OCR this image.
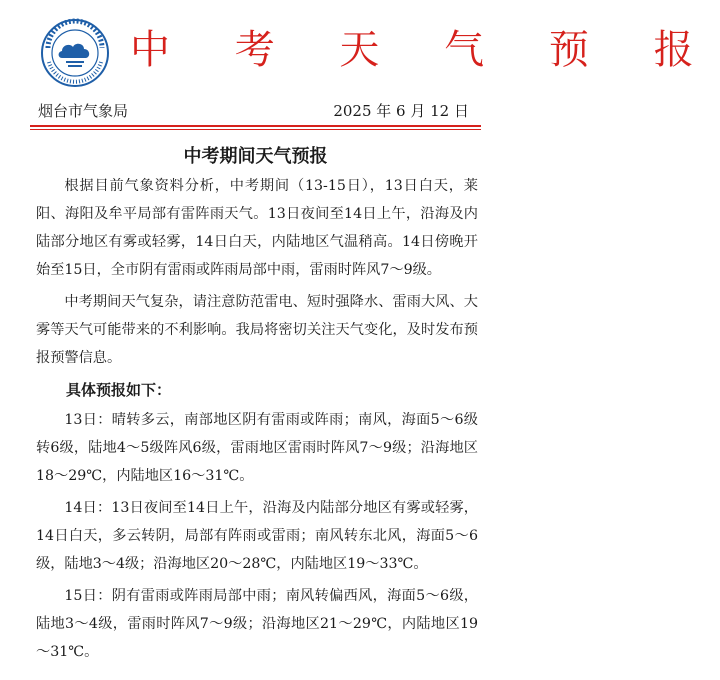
中 考 天 气 预 报
烟台市气象局	2025 年 6 月 12 日
中考期间天气预报

根据目前气象资料分析，中考期间（13-15日），13日白天，莱阳、海阳及牟平局部有雷阵雨天气。13日夜间至14日上午，沿海及内陆部分地区有雾或轻雾，14日白天，内陆地区气温稍高。14日傍晚开始至15日，全市阴有雷雨或阵雨局部中雨，雷雨时阵风7～9级。

中考期间天气复杂，请注意防范雷电、短时强降水、雷雨大风、大雾等天气可能带来的不利影响。我局将密切关注天气变化，及时发布预报预警信息。

具体预报如下：

13日：晴转多云，南部地区阴有雷雨或阵雨；南风，海面5～6级转6级，陆地4～5级阵风6级，雷雨地区雷雨时阵风7～9级；沿海地区18～29℃，内陆地区16～31℃。

14日：13日夜间至14日上午，沿海及内陆部分地区有雾或轻雾，14日白天，多云转阴，局部有阵雨或雷雨；南风转东北风，海面5～6级，陆地3～4级；沿海地区20～28℃，内陆地区19～33℃。

15日：阴有雷雨或阵雨局部中雨；南风转偏西风，海面5～6级，陆地3～4级，雷雨时阵风7～9级；沿海地区21～29℃，内陆地区19～31℃。
